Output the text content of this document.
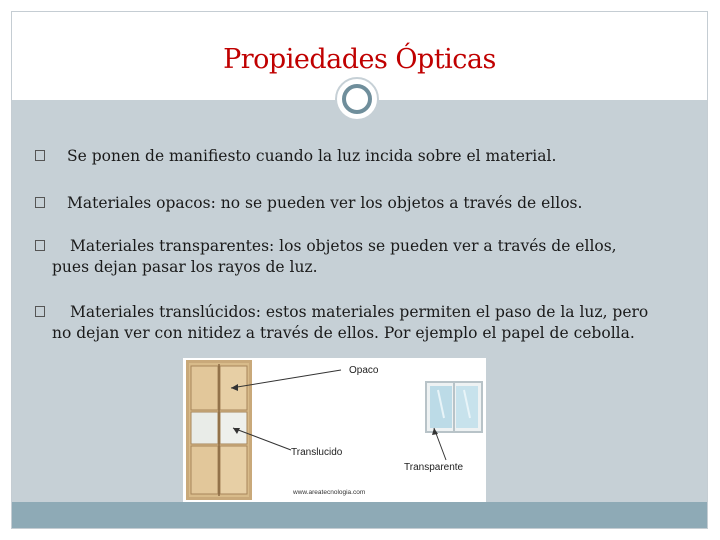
Propiedades Ópticas
Se ponen de manifiesto cuando la luz incida sobre el material.
Materiales opacos: no se pueden ver los objetos a través de ellos.
Materiales transparentes: los objetos se pueden ver a través de ellos, pues dejan pasar los rayos de luz.
Materiales translúcidos: estos materiales permiten el paso de la luz, pero no dejan ver con nitidez a través de ellos. Por ejemplo el papel de cebolla.
Opaco
Translucido
www.areatecnologia.com
Transparente
